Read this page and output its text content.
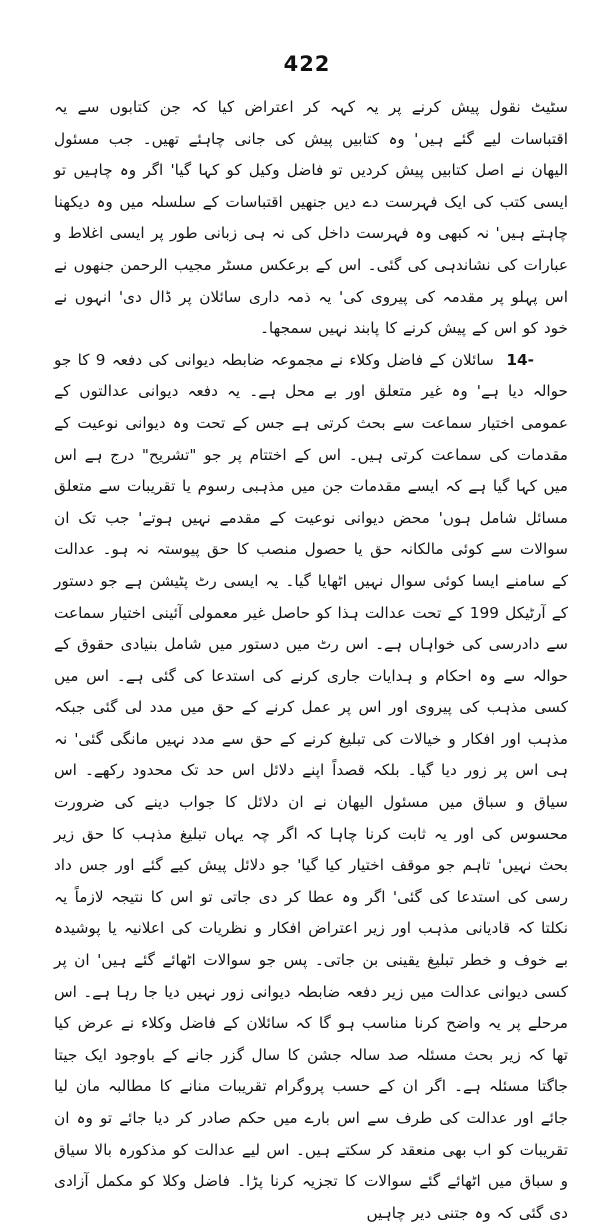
422

سٹیٹ نقول پیش کرنے پر یہ کہہ کر اعتراض کیا کہ جن کتابوں سے یہ اقتباسات لیے گئے ہیں' وہ کتابیں پیش کی جانی چاہئے تھیں۔ جب مسئول الیھان نے اصل کتابیں پیش کردیں تو فاضل وکیل کو کہا گیا' اگر وہ چاہیں تو ایسی کتب کی ایک فہرست دے دیں جنھیں اقتباسات کے سلسلہ میں وہ دیکھنا چاہتے ہیں' نہ کبھی وہ فہرست داخل کی نہ ہی زبانی طور پر ایسی اغلاط و عبارات کی نشاندہی کی گئی۔ اس کے برعکس مسٹر مجیب الرحمن جنھوں نے اس پہلو پر مقدمہ کی پیروی کی' یہ ذمہ داری سائلان پر ڈال دی' انہوں نے خود کو اس کے پیش کرنے کا پابند نہیں سمجھا۔

-14  سائلان کے فاضل وکلاء نے مجموعہ ضابطہ دیوانی کی دفعہ 9 کا جو حوالہ دیا ہے' وہ غیر متعلق اور بے محل ہے۔ یہ دفعہ دیوانی عدالتوں کے عمومی اختیار سماعت سے بحث کرتی ہے جس کے تحت وہ دیوانی نوعیت کے مقدمات کی سماعت کرتی ہیں۔ اس کے اختتام پر جو "تشریح" درج ہے اس میں کہا گیا ہے کہ ایسے مقدمات جن میں مذہبی رسوم یا تقریبات سے متعلق مسائل شامل ہوں' محض دیوانی نوعیت کے مقدمے نہیں ہوتے' جب تک ان سوالات سے کوئی مالکانہ حق یا حصول منصب کا حق پیوستہ نہ ہو۔ عدالت کے سامنے ایسا کوئی سوال نہیں اٹھایا گیا۔ یہ ایسی رٹ پٹیشن ہے جو دستور کے آرٹیکل 199 کے تحت عدالت ہذا کو حاصل غیر معمولی آئینی اختیار سماعت سے دادرسی کی خواہاں ہے۔ اس رٹ میں دستور میں شامل بنیادی حقوق کے حوالہ سے وہ احکام و ہدایات جاری کرنے کی استدعا کی گئی ہے۔ اس میں کسی مذہب کی پیروی اور اس پر عمل کرنے کے حق میں مدد لی گئی جبکہ مذہب اور افکار و خیالات کی تبلیغ کرنے کے حق سے مدد نہیں مانگی گئی' نہ ہی اس پر زور دیا گیا۔ بلکہ قصداً اپنے دلائل اس حد تک محدود رکھے۔ اس سیاق و سباق میں مسئول الیھان نے ان دلائل کا جواب دینے کی ضرورت محسوس کی اور یہ ثابت کرنا چاہا کہ اگر چہ یہاں تبلیغ مذہب کا حق زیر بحث نہیں' تاہم جو موقف اختیار کیا گیا' جو دلائل پیش کیے گئے اور جس داد رسی کی استدعا کی گئی' اگر وہ عطا کر دی جاتی تو اس کا نتیجہ لازماً یہ نکلتا کہ قادیانی مذہب اور زیر اعتراض افکار و نظریات کی اعلانیہ یا پوشیدہ بے خوف و خطر تبلیغ یقینی بن جاتی۔ پس جو سوالات اٹھائے گئے ہیں' ان پر کسی دیوانی عدالت میں زیر دفعہ ضابطہ دیوانی زور نہیں دیا جا رہا ہے۔ اس مرحلے پر یہ واضح کرنا مناسب ہو گا کہ سائلان کے فاضل وکلاء نے عرض کیا تھا کہ زیر بحث مسئلہ صد سالہ جشن کا سال گزر جانے کے باوجود ایک جیتا جاگتا مسئلہ ہے۔ اگر ان کے حسب پروگرام تقریبات منانے کا مطالبہ مان لیا جائے اور عدالت کی طرف سے اس بارے میں حکم صادر کر دیا جائے تو وہ ان تقریبات کو اب بھی منعقد کر سکتے ہیں۔ اس لیے عدالت کو مذکورہ بالا سیاق و سباق میں اٹھائے گئے سوالات کا تجزیہ کرنا پڑا۔ فاضل وکلا کو مکمل آزادی دی گئی کہ وہ جتنی دیر چاہیں
